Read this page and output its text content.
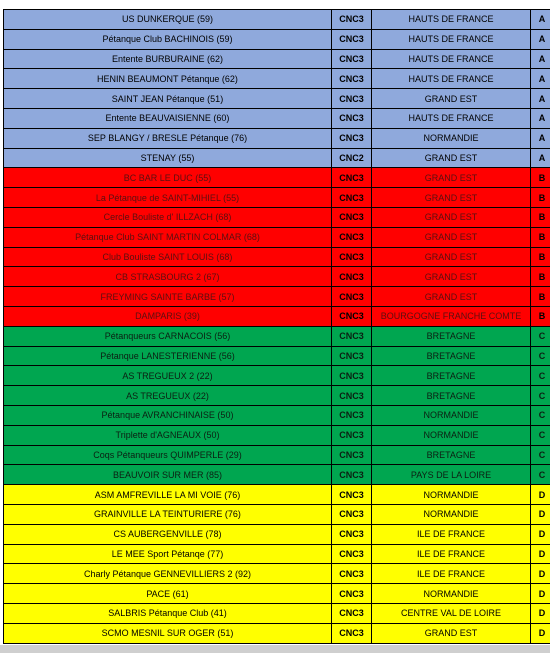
US DUNKERQUE (59)	CNC3	HAUTS DE FRANCE	A
Pétanque Club BACHINOIS (59)	CNC3	HAUTS DE FRANCE	A
Entente BURBURAINE (62)	CNC3	HAUTS DE FRANCE	A
HENIN BEAUMONT Pétanque (62)	CNC3	HAUTS DE FRANCE	A
SAINT JEAN Pétanque (51)	CNC3	GRAND EST	A
Entente BEAUVAISIENNE (60)	CNC3	HAUTS DE FRANCE	A
SEP BLANGY / BRESLE Pétanque (76)	CNC3	NORMANDIE	A
STENAY (55)	CNC2	GRAND EST	A
BC BAR LE DUC (55)	CNC3	GRAND EST	B
La Pétanque de SAINT-MIHIEL (55)	CNC3	GRAND EST	B
Cercle Bouliste d' ILLZACH (68)	CNC3	GRAND EST	B
Pétanque Club SAINT MARTIN COLMAR (68)	CNC3	GRAND EST	B
Club Bouliste SAINT LOUIS (68)	CNC3	GRAND EST	B
CB STRASBOURG 2 (67)	CNC3	GRAND EST	B
FREYMING SAINTE BARBE (57)	CNC3	GRAND EST	B
DAMPARIS (39)	CNC3	BOURGOGNE FRANCHE COMTE	B
Pétanqueurs CARNACOIS (56)	CNC3	BRETAGNE	C
Pétanque LANESTERIENNE (56)	CNC3	BRETAGNE	C
AS TREGUEUX 2 (22)	CNC3	BRETAGNE	C
AS TREGUEUX (22)	CNC3	BRETAGNE	C
Pétanque AVRANCHINAISE (50)	CNC3	NORMANDIE	C
Triplette d'AGNEAUX (50)	CNC3	NORMANDIE	C
Coqs Pétanqueurs QUIMPERLE (29)	CNC3	BRETAGNE	C
BEAUVOIR SUR MER (85)	CNC3	PAYS DE LA LOIRE	C
ASM AMFREVILLE LA MI VOIE (76)	CNC3	NORMANDIE	D
GRAINVILLE LA TEINTURIERE (76)	CNC3	NORMANDIE	D
CS AUBERGENVILLE (78)	CNC3	ILE DE FRANCE	D
LE MEE Sport Pétanqe (77)	CNC3	ILE DE FRANCE	D
Charly Pétanque GENNEVILLIERS 2 (92)	CNC3	ILE DE FRANCE	D
PACE (61)	CNC3	NORMANDIE	D
SALBRIS Pétanque Club (41)	CNC3	CENTRE VAL DE LOIRE	D
SCMO MESNIL SUR OGER (51)	CNC3	GRAND EST	D
